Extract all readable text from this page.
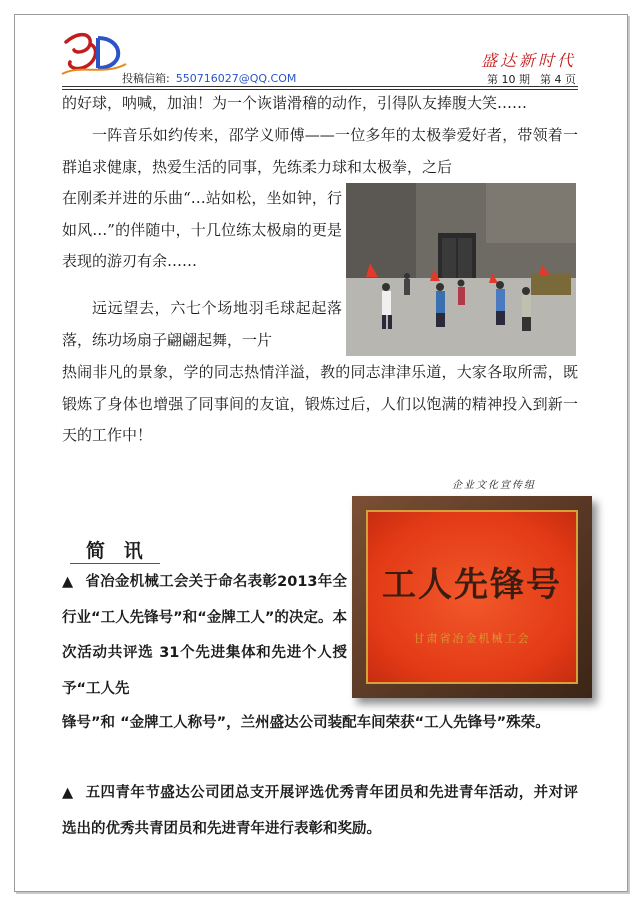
投稿信箱: 550716027@QQ.COM
盛达新时代
第 10 期 第 4 页

的好球，呐喊，加油！为一个诙谐滑稽的动作，引得队友捧腹大笑……

一阵音乐如约传来，邵学义师傅——一位多年的太极拳爱好者，带领着一群追求健康，热爱生活的同事，先练柔力球和太极拳，之后

在刚柔并进的乐曲“…站如松，坐如钟，行如风…”的伴随中，十几位练太极扇的更是表现的游刃有余……

远远望去，六七个场地羽毛球起起落落，练功场扇子翩翩起舞，一片

热闹非凡的景象，学的同志热情洋溢，教的同志津津乐道，大家各取所需，既锻炼了身体也增强了同事间的友谊，锻炼过后，人们以饱满的精神投入到新一天的工作中！

企业文化宣传组
工人先锋号
甘肃省冶金机械工会
简 讯

▲ 省冶金机械工会关于命名表彰2013年全行业“工人先锋号”和“金牌工人”的决定。本次活动共评选 31个先进集体和先进个人授予“工人先

锋号”和 “金牌工人称号”，兰州盛达公司装配车间荣获“工人先锋号”殊荣。

▲ 五四青年节盛达公司团总支开展评选优秀青年团员和先进青年活动，并对评选出的优秀共青团员和先进青年进行表彰和奖励。
